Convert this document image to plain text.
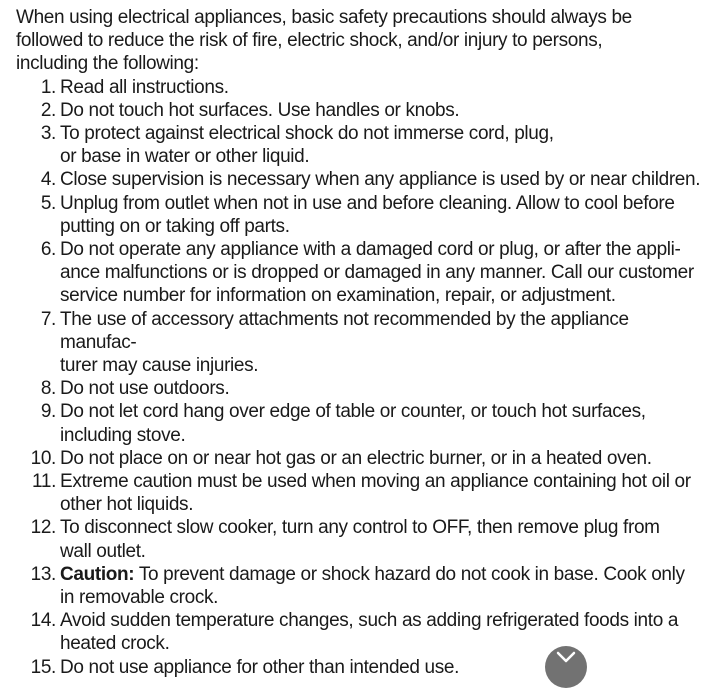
When using electrical appliances, basic safety precautions should always be
followed to reduce the risk of fire, electric shock, and/or injury to persons,
including the following:

1. Read all instructions.
2. Do not touch hot surfaces. Use handles or knobs.
3. To protect against electrical shock do not immerse cord, plug,
or base in water or other liquid.
4. Close supervision is necessary when any appliance is used by or near children.
5. Unplug from outlet when not in use and before cleaning. Allow to cool before
putting on or taking off parts.
6. Do not operate any appliance with a damaged cord or plug, or after the appli-
ance malfunctions or is dropped or damaged in any manner. Call our customer
service number for information on examination, repair, or adjustment.
7. The use of accessory attachments not recommended by the appliance manufac-
turer may cause injuries.
8. Do not use outdoors.
9. Do not let cord hang over edge of table or counter, or touch hot surfaces,
including stove.
10. Do not place on or near hot gas or an electric burner, or in a heated oven.
11. Extreme caution must be used when moving an appliance containing hot oil or
other hot liquids.
12. To disconnect slow cooker, turn any control to OFF, then remove plug from
wall outlet.
13. Caution: To prevent damage or shock hazard do not cook in base. Cook only
in removable crock.
14. Avoid sudden temperature changes, such as adding refrigerated foods into a
heated crock.
15. Do not use appliance for other than intended use.
